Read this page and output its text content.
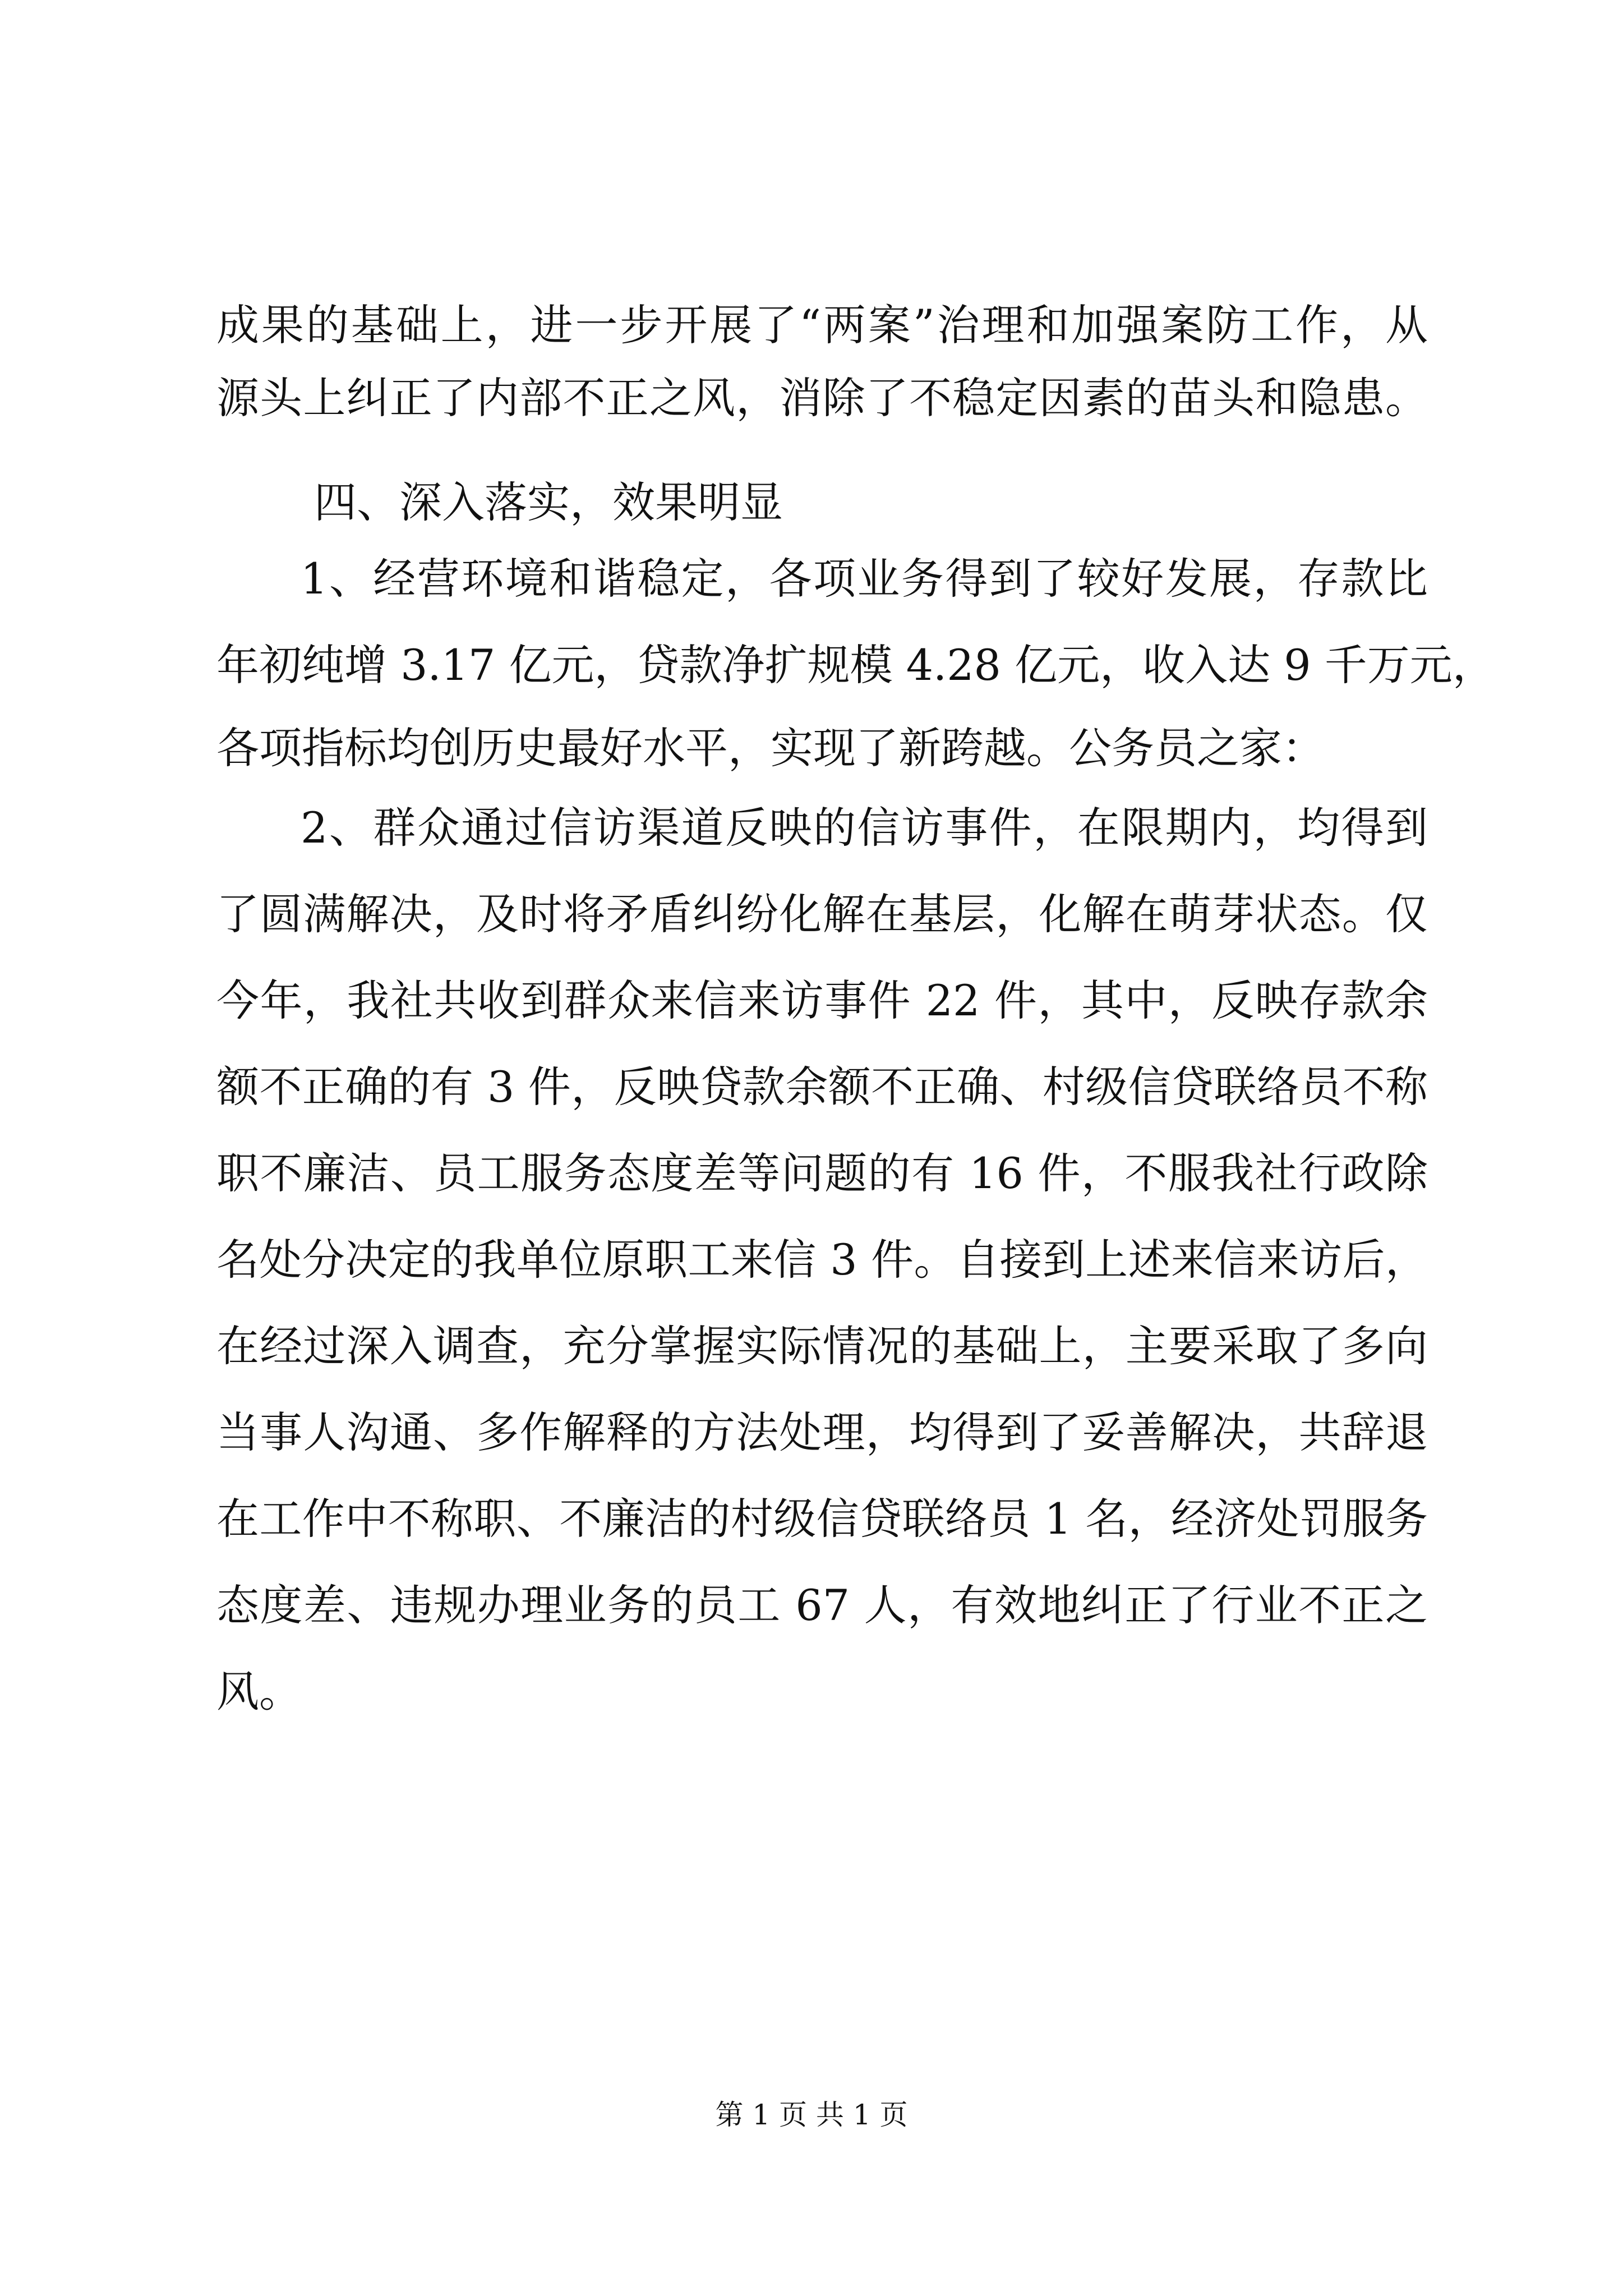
成果的基础上，进一步开展了“两案”治理和加强案防工作，从
源头上纠正了内部不正之风，消除了不稳定因素的苗头和隐患。
四、深入落实，效果明显
1、经营环境和谐稳定，各项业务得到了较好发展，存款比
年初纯增 3.17 亿元，贷款净扩规模 4.28 亿元，收入达 9 千万元，
各项指标均创历史最好水平，实现了新跨越。公务员之家：
2、群众通过信访渠道反映的信访事件，在限期内，均得到
了圆满解决，及时将矛盾纠纷化解在基层，化解在萌芽状态。仅
今年，我社共收到群众来信来访事件 22 件，其中，反映存款余
额不正确的有 3 件，反映贷款余额不正确、村级信贷联络员不称
职不廉洁、员工服务态度差等问题的有 16 件，不服我社行政除
名处分决定的我单位原职工来信 3 件。自接到上述来信来访后，
在经过深入调查，充分掌握实际情况的基础上，主要采取了多向
当事人沟通、多作解释的方法处理，均得到了妥善解决，共辞退
在工作中不称职、不廉洁的村级信贷联络员 1 名，经济处罚服务
态度差、违规办理业务的员工 67 人，有效地纠正了行业不正之
风。
第 1 页 共 1 页
